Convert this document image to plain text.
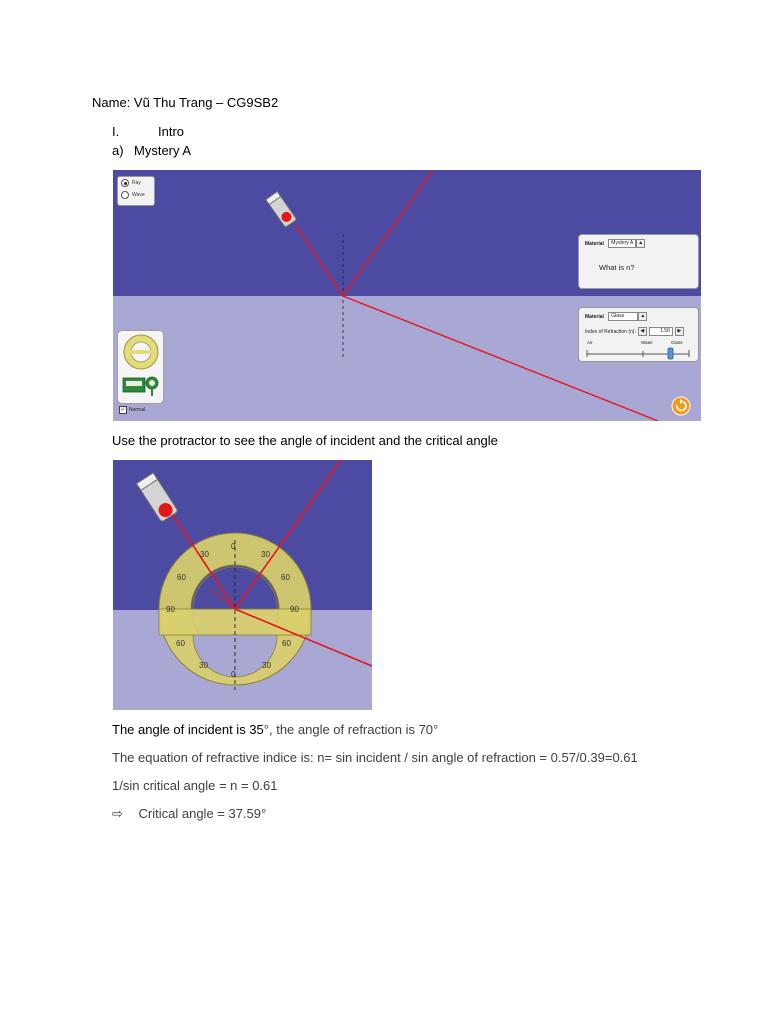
Name: Vũ Thu Trang – CG9SB2
I.	Intro
a) Mystery A
Ray
Wave
Material Mystery A ▲
What is n?
Material Glass	▲
Index of Refraction (n): ◀	1.50	▶
Air	Water	Glass
✓ Normal
Use the protractor to see the angle of incident and the critical angle
0
30	30
60	60
90	90
60	60
30	30
0
The angle of incident is 35°, the angle of refraction is 70°
The equation of refractive indice is: n= sin incident / sin angle of refraction = 0.57/0.39=0.61
1/sin critical angle = n = 0.61
⇨ Critical angle = 37.59°
